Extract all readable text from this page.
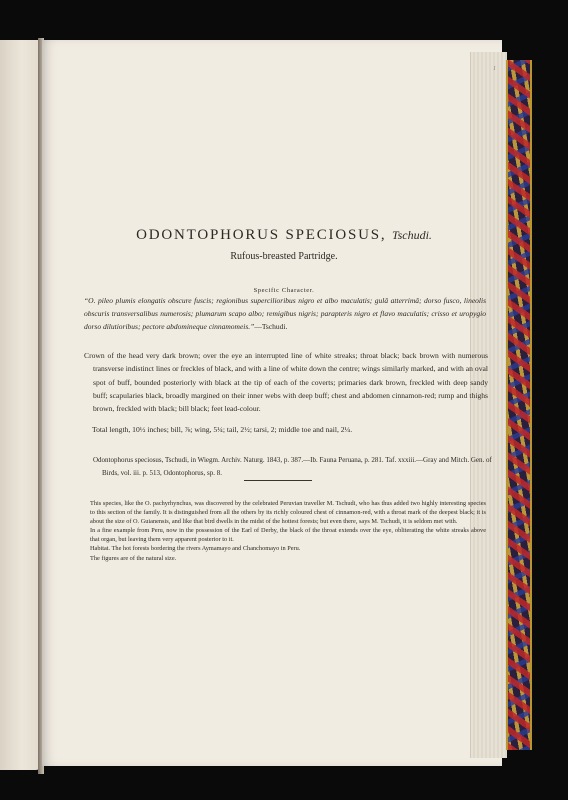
1
ODONTOPHORUS SPECIOSUS, Tschudi.
Rufous-breasted Partridge.
Specific Character.
“O. pileo plumis elongatis obscure fuscis; regionibus supercilioribus nigro et albo maculatis; gulâ atterrimâ; dorso fusco, lineolis obscuris transversalibus numerosis; plumarum scapo albo; remigibus nigris; parapteris nigro et flavo maculatis; crisso et uropygio dorso dilutioribus; pectore abdomineque cinnamomeis.”—Tschudi.

Crown of the head very dark brown; over the eye an interrupted line of white streaks; throat black; back brown with numerous transverse indistinct lines or freckles of black, and with a line of white down the centre; wings similarly marked, and with an oval spot of buff, bounded posteriorly with black at the tip of each of the coverts; primaries dark brown, freckled with deep sandy buff; scapularies black, broadly margined on their inner webs with deep buff; chest and abdomen cinnamon-red; rump and thighs brown, freckled with black; bill black; feet lead-colour.

Total length, 10½ inches; bill, ⅞; wing, 5¼; tail, 2½; tarsi, 2; middle toe and nail, 2¼.
Odontophorus speciosus, Tschudi, in Wiegm. Archiv. Naturg. 1843, p. 387.—Ib. Fauna Peruana, p. 281. Taf. xxxiii.—Gray and Mitch. Gen. of Birds, vol. iii. p. 513, Odontophorus, sp. 8.

This species, like the O. pachyrhynchus, was discovered by the celebrated Peruvian traveller M. Tschudi, who has thus added two highly interesting species to this section of the family. It is distinguished from all the others by its richly coloured chest of cinnamon-red, with a throat mark of the deepest black; it is about the size of O. Guianensis, and like that bird dwells in the midst of the hottest forests; but even there, says M. Tschudi, it is seldom met with.

In a fine example from Peru, now in the possession of the Earl of Derby, the black of the throat extends over the eye, obliterating the white streaks above that organ, but leaving them very apparent posterior to it.

Habitat. The hot forests bordering the rivers Aymamayo and Chanchomayo in Peru.

The figures are of the natural size.
